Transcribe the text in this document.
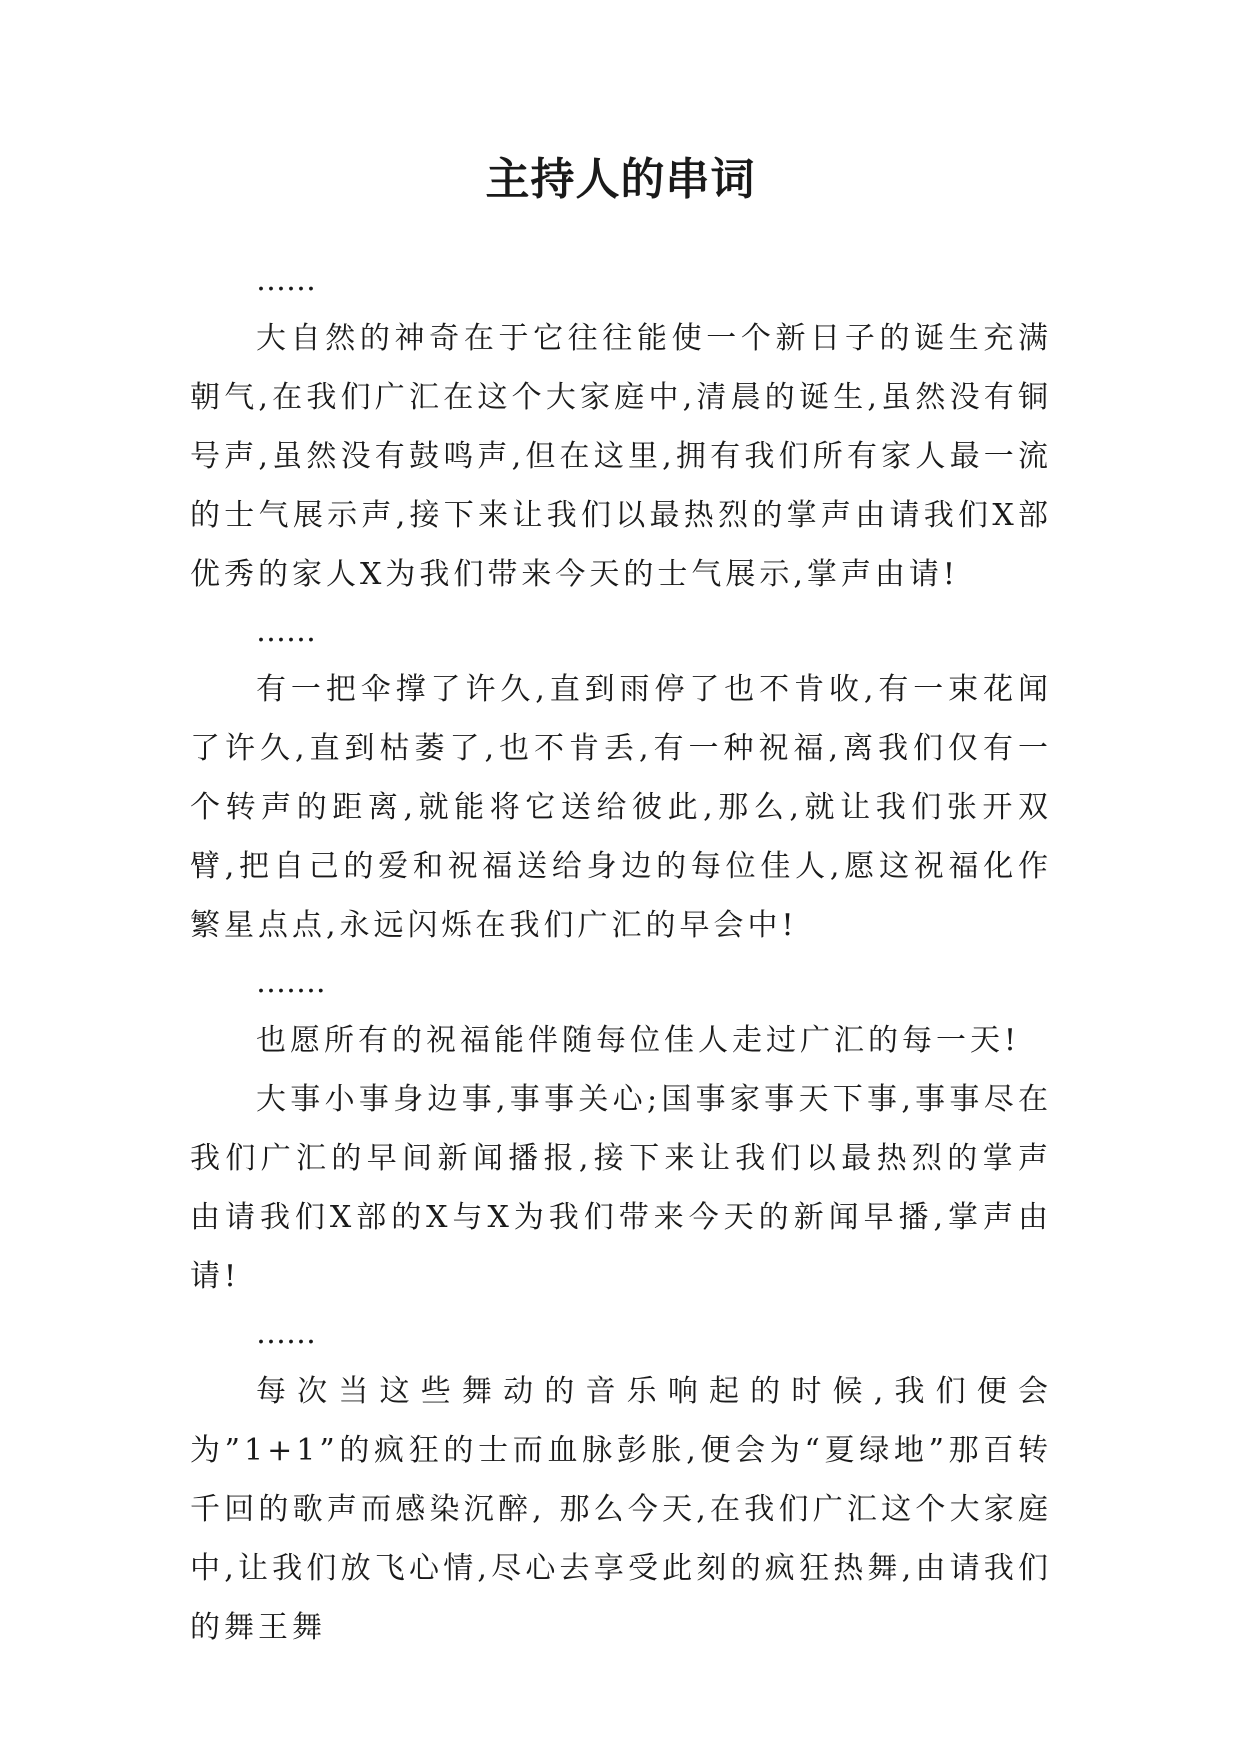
主持人的串词

……

大自然的神奇在于它往往能使一个新日子的诞生充满朝气,在我们广汇在这个大家庭中,清晨的诞生,虽然没有铜号声,虽然没有鼓鸣声,但在这里,拥有我们所有家人最一流的士气展示声,接下来让我们以最热烈的掌声由请我们X部优秀的家人X为我们带来今天的士气展示,掌声由请!

……

有一把伞撑了许久,直到雨停了也不肯收,有一束花闻了许久,直到枯萎了,也不肯丢,有一种祝福,离我们仅有一个转声的距离,就能将它送给彼此,那么,就让我们张开双臂,把自己的爱和祝福送给身边的每位佳人,愿这祝福化作繁星点点,永远闪烁在我们广汇的早会中!

…….

也愿所有的祝福能伴随每位佳人走过广汇的每一天!

大事小事身边事,事事关心;国事家事天下事,事事尽在我们广汇的早间新闻播报,接下来让我们以最热烈的掌声由请我们X部的X与X为我们带来今天的新闻早播,掌声由请!

……

每次当这些舞动的音乐响起的时候,我们便会为”1+1”的疯狂的士而血脉彭胀,便会为“夏绿地”那百转千回的歌声而感染沉醉, 那么今天,在我们广汇这个大家庭中,让我们放飞心情,尽心去享受此刻的疯狂热舞,由请我们的舞王舞
